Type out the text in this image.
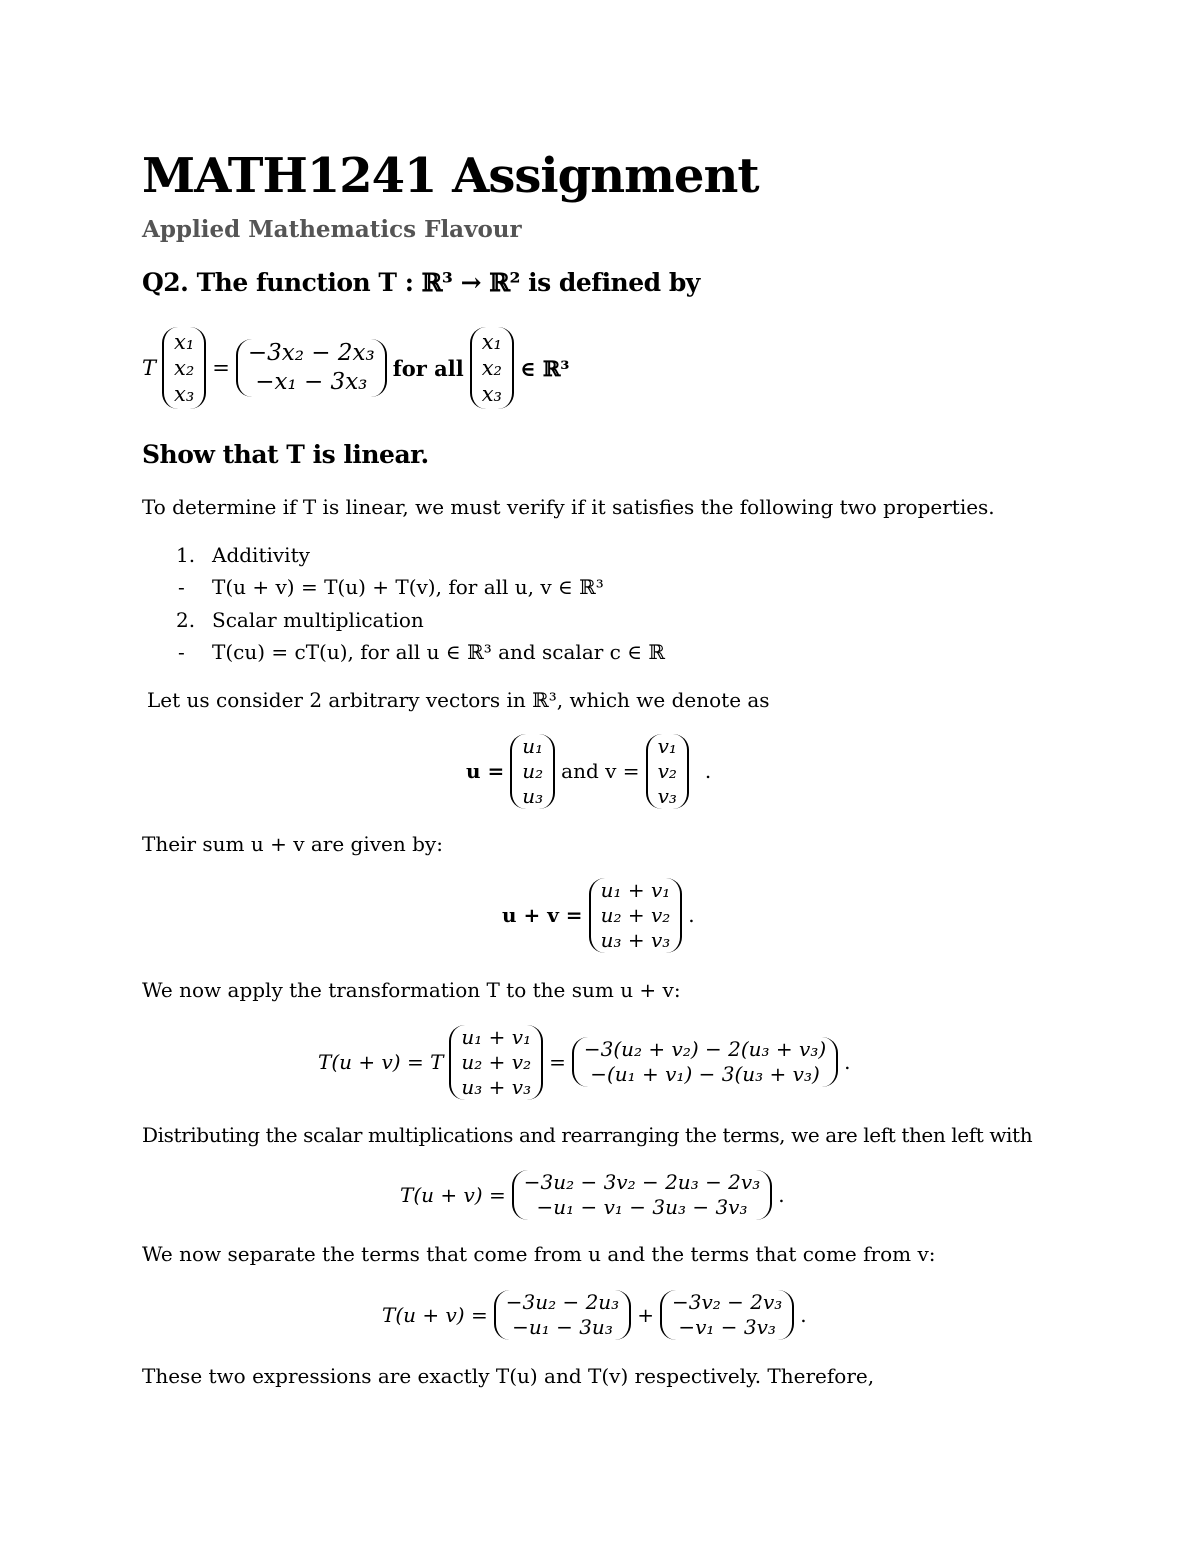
MATH1241 Assignment
Applied Mathematics Flavour
Q2. The function T : ℝ³ → ℝ² is defined by
T
x₁
x₂
x₃
=
−3x₂ − 2x₃
−x₁ − 3x₃
for all
x₁
x₂
x₃
∈ ℝ³
Show that T is linear.
To determine if T is linear, we must verify if it satisfies the following two properties.
1. Additivity
- T(u + v) = T(u) + T(v), for all u, v ∈ ℝ³
2. Scalar multiplication
- T(cu) = cT(u), for all u ∈ ℝ³ and scalar c ∈ ℝ
Let us consider 2 arbitrary vectors in ℝ³, which we denote as
u =
u₁
u₂
u₃
and v =
v₁
v₂
v₃
.
Their sum u + v are given by:
u + v =
u₁ + v₁
u₂ + v₂
u₃ + v₃
.
We now apply the transformation T to the sum u + v:
T(u + v) = T
u₁ + v₁
u₂ + v₂
u₃ + v₃
=
−3(u₂ + v₂) − 2(u₃ + v₃)
−(u₁ + v₁) − 3(u₃ + v₃)	.
Distributing the scalar multiplications and rearranging the terms, we are left then left with
T(u + v) =
−3u₂ − 3v₂ − 2u₃ − 2v₃
−u₁ − v₁ − 3u₃ − 3v₃	.
We now separate the terms that come from u and the terms that come from v:
T(u + v) =
−3u₂ − 2u₃
−u₁ − 3u₃	+
−3v₂ − 2v₃
−v₁ − 3v₃	.
These two expressions are exactly T(u) and T(v) respectively. Therefore,
